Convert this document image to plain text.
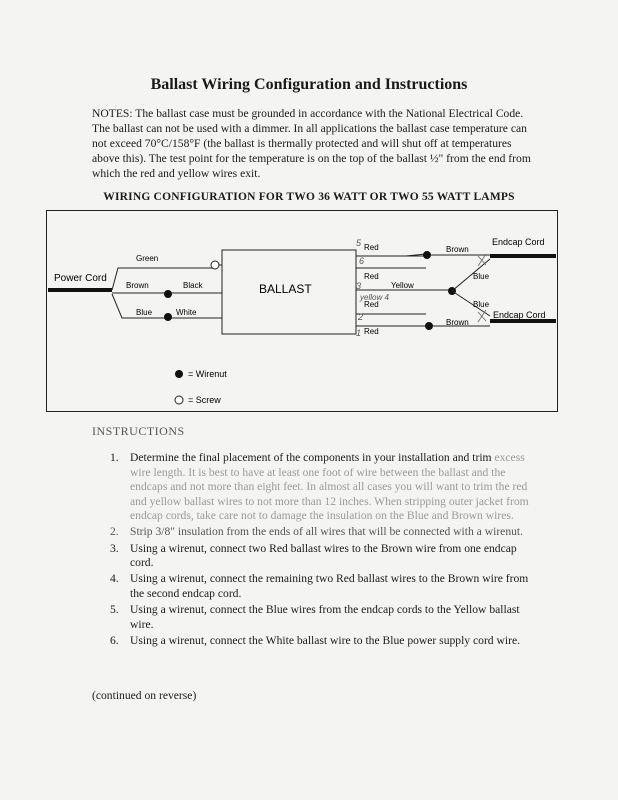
Ballast Wiring Configuration and Instructions
NOTES: The ballast case must be grounded in accordance with the National Electrical Code. The ballast can not be used with a dimmer. In all applications the ballast case temperature can not exceed 70°C/158°F (the ballast is thermally protected and will shut off at temperatures above this). The test point for the temperature is on the top of the ballast ½" from the end from which the red and yellow wires exit.
WIRING CONFIGURATION FOR TWO 36 WATT OR TWO 55 WATT LAMPS
Power Cord
Green
Brown	Black
Blue	White
BALLAST
Red
Red
Yellow
Red
Red
5
6
3
yellow 4
2
1
Brown
Brown
Blue
Blue
Endcap Cord
Endcap Cord
= Wirenut
= Screw
INSTRUCTIONS
1. Determine the final placement of the components in your installation and trim excess wire length. It is best to have at least one foot of wire between the ballast and the endcaps and not more than eight feet. In almost all cases you will want to trim the red and yellow ballast wires to not more than 12 inches. When stripping outer jacket from endcap cords, take care not to damage the insulation on the Blue and Brown wires.
2. Strip 3/8" insulation from the ends of all wires that will be connected with a wirenut.
3. Using a wirenut, connect two Red ballast wires to the Brown wire from one endcap cord.
4. Using a wirenut, connect the remaining two Red ballast wires to the Brown wire from the second endcap cord.
5. Using a wirenut, connect the Blue wires from the endcap cords to the Yellow ballast wire.
6. Using a wirenut, connect the White ballast wire to the Blue power supply cord wire.
(continued on reverse)
